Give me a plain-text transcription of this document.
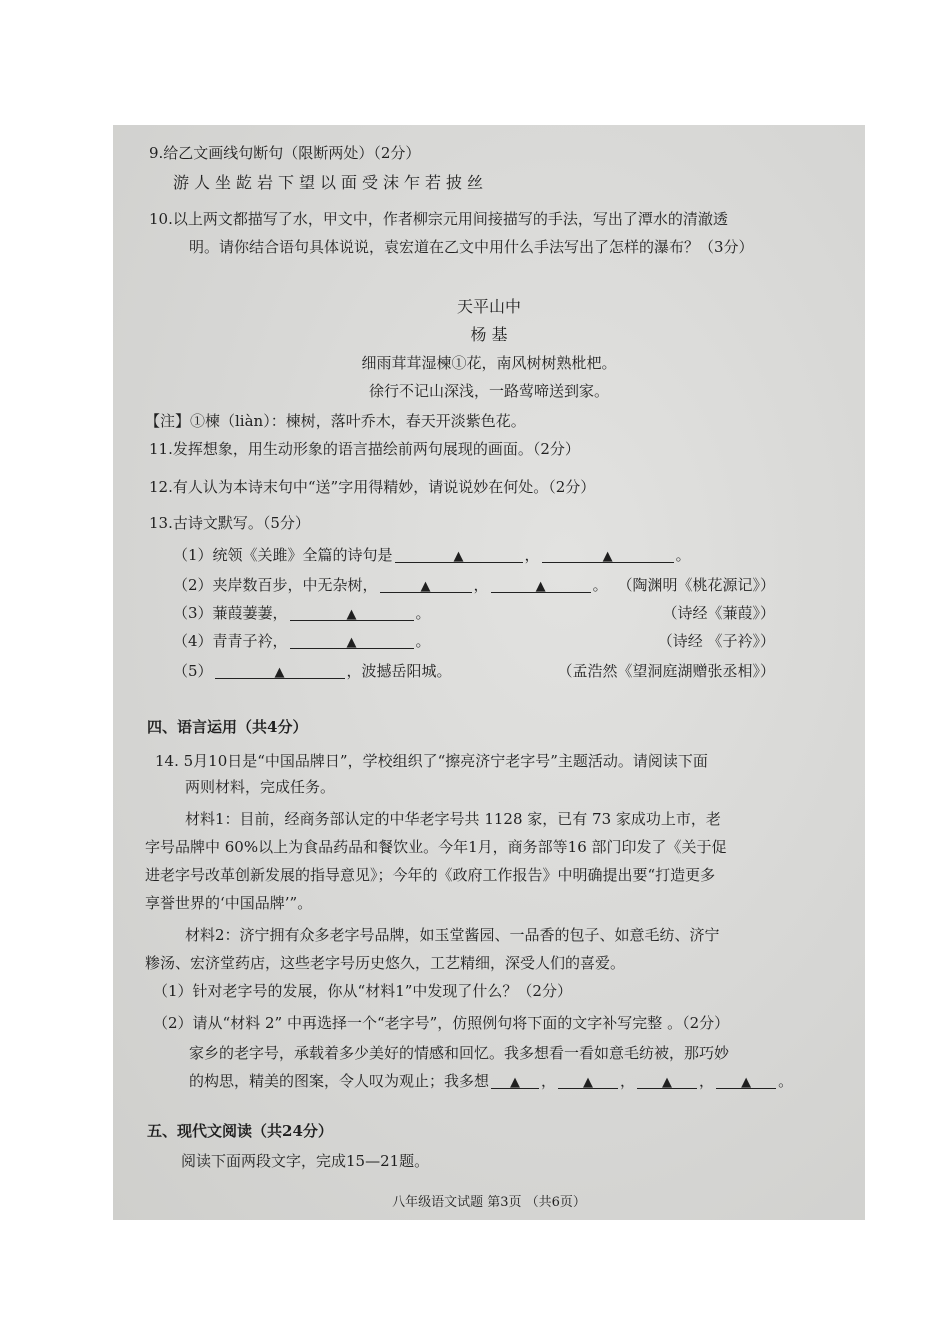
9.给乙文画线句断句（限断两处）（2分）
游人坐龁岩下望以面受沫乍若披丝
10.以上两文都描写了水，甲文中，作者柳宗元用间接描写的手法，写出了潭水的清澈透
明。请你结合语句具体说说，袁宏道在乙文中用什么手法写出了怎样的瀑布？（3分）
天平山中
杨 基
细雨茸茸湿楝①花，南风树树熟枇杷。
徐行不记山深浅，一路莺啼送到家。
【注】①楝（liàn）：楝树，落叶乔木，春天开淡紫色花。
11.发挥想象，用生动形象的语言描绘前两句展现的画面。（2分）
12.有人认为本诗末句中“送”字用得精妙，请说说妙在何处。（2分）
13.古诗文默写。（5分）
（1）统领《关雎》全篇的诗句是	▲	，	▲	。
（2）夹岸数百步，中无杂树，	▲	，	▲	。 （陶渊明《桃花源记》）
（3）蒹葭萋萋，	▲	。	（诗经《蒹葭》）
（4）青青子衿，	▲	。	（诗经 《子衿》）
（5）	▲	，波撼岳阳城。	（孟浩然《望洞庭湖赠张丞相》）
四、语言运用（共4分）
14. 5月10日是“中国品牌日”，学校组织了“擦亮济宁老字号”主题活动。请阅读下面
两则材料，完成任务。
材料1：目前，经商务部认定的中华老字号共 1128 家，已有 73 家成功上市，老
字号品牌中 60%以上为食品药品和餐饮业。今年1月，商务部等16 部门印发了《关于促
进老字号改革创新发展的指导意见》；今年的《政府工作报告》中明确提出要“打造更多
享誉世界的‘中国品牌’”。
材料2：济宁拥有众多老字号品牌，如玉堂酱园、一品香的包子、如意毛纺、济宁
糁汤、宏济堂药店，这些老字号历史悠久，工艺精细，深受人们的喜爱。
（1）针对老字号的发展，你从“材料1”中发现了什么？（2分）
（2）请从“材料 2” 中再选择一个“老字号”，仿照例句将下面的文字补写完整 。（2分）
家乡的老字号，承载着多少美好的情感和回忆。我多想看一看如意毛纺被，那巧妙
的构思，精美的图案，令人叹为观止；我多想 ▲ ， ▲ ， ▲ ， ▲ 。
五、现代文阅读（共24分）
阅读下面两段文字，完成15—21题。
八年级语文试题 第3页 （共6页）
